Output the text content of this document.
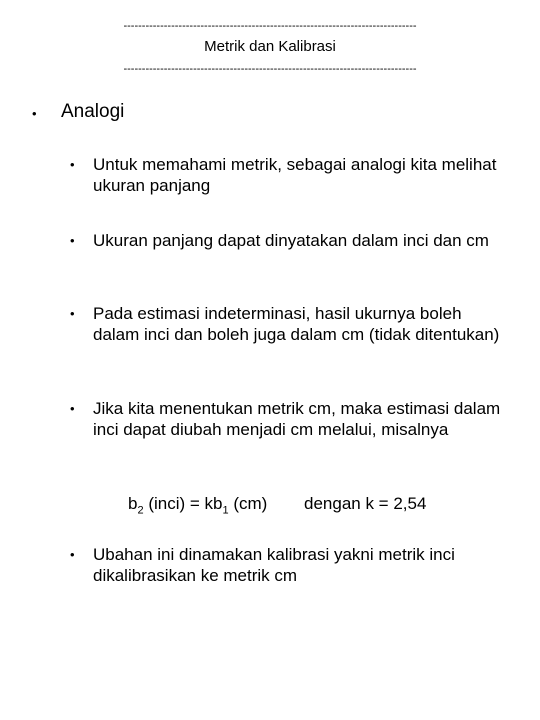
--------------------------------------------------------------------------------
Metrik dan Kalibrasi
--------------------------------------------------------------------------------
• Analogi
• Untuk memahami metrik, sebagai analogi kita melihat ukuran panjang
• Ukuran panjang dapat dinyatakan dalam inci dan cm
• Pada estimasi indeterminasi, hasil ukurnya boleh dalam inci dan boleh juga dalam cm (tidak ditentukan)
• Jika kita menentukan metrik cm, maka estimasi dalam inci dapat diubah menjadi cm melalui, misalnya
$b_2$ (inci) = $kb_1$ (cm) dengan k = 2,54
• Ubahan ini dinamakan kalibrasi yakni metrik inci dikalibrasikan ke metrik cm
